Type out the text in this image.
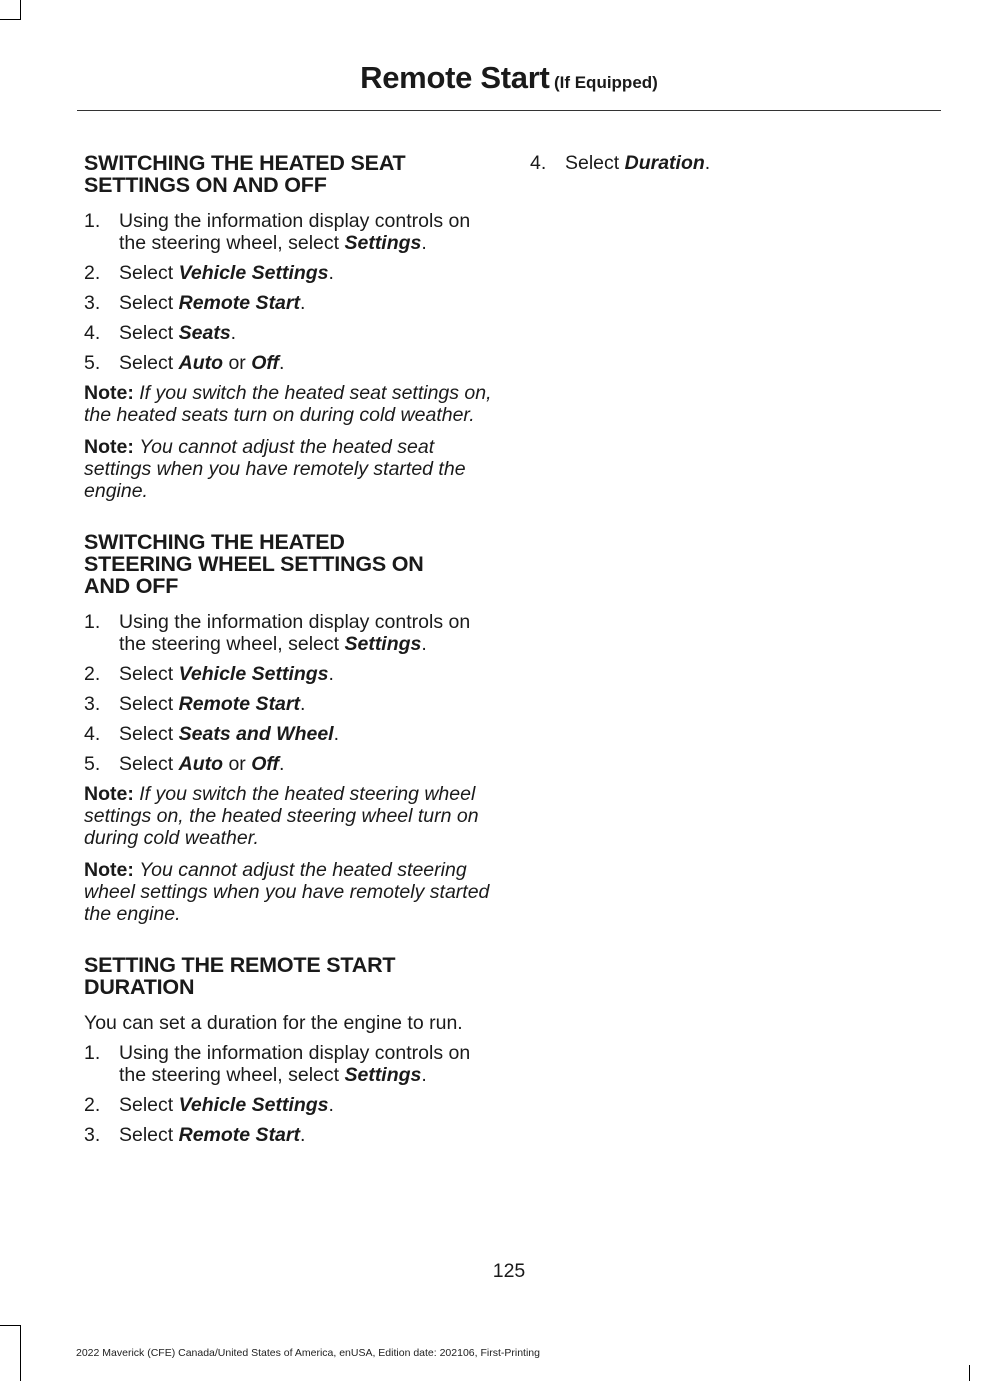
Remote Start (If Equipped)
SWITCHING THE HEATED SEAT
SETTINGS ON AND OFF
1. Using the information display controls on the steering wheel, select Settings.
2. Select Vehicle Settings.
3. Select Remote Start.
4. Select Seats.
5. Select Auto or Off.

Note: If you switch the heated seat settings on, the heated seats turn on during cold weather.

Note: You cannot adjust the heated seat settings when you have remotely started the engine.

SWITCHING THE HEATED
STEERING WHEEL SETTINGS ON
AND OFF
1. Using the information display controls on the steering wheel, select Settings.
2. Select Vehicle Settings.
3. Select Remote Start.
4. Select Seats and Wheel.
5. Select Auto or Off.

Note: If you switch the heated steering wheel settings on, the heated steering wheel turn on during cold weather.

Note: You cannot adjust the heated steering wheel settings when you have remotely started the engine.

SETTING THE REMOTE START
DURATION

You can set a duration for the engine to run.

1. Using the information display controls on the steering wheel, select Settings.
2. Select Vehicle Settings.
3. Select Remote Start.
4. Select Duration.
125
2022 Maverick (CFE) Canada/United States of America, enUSA, Edition date: 202106, First-Printing
